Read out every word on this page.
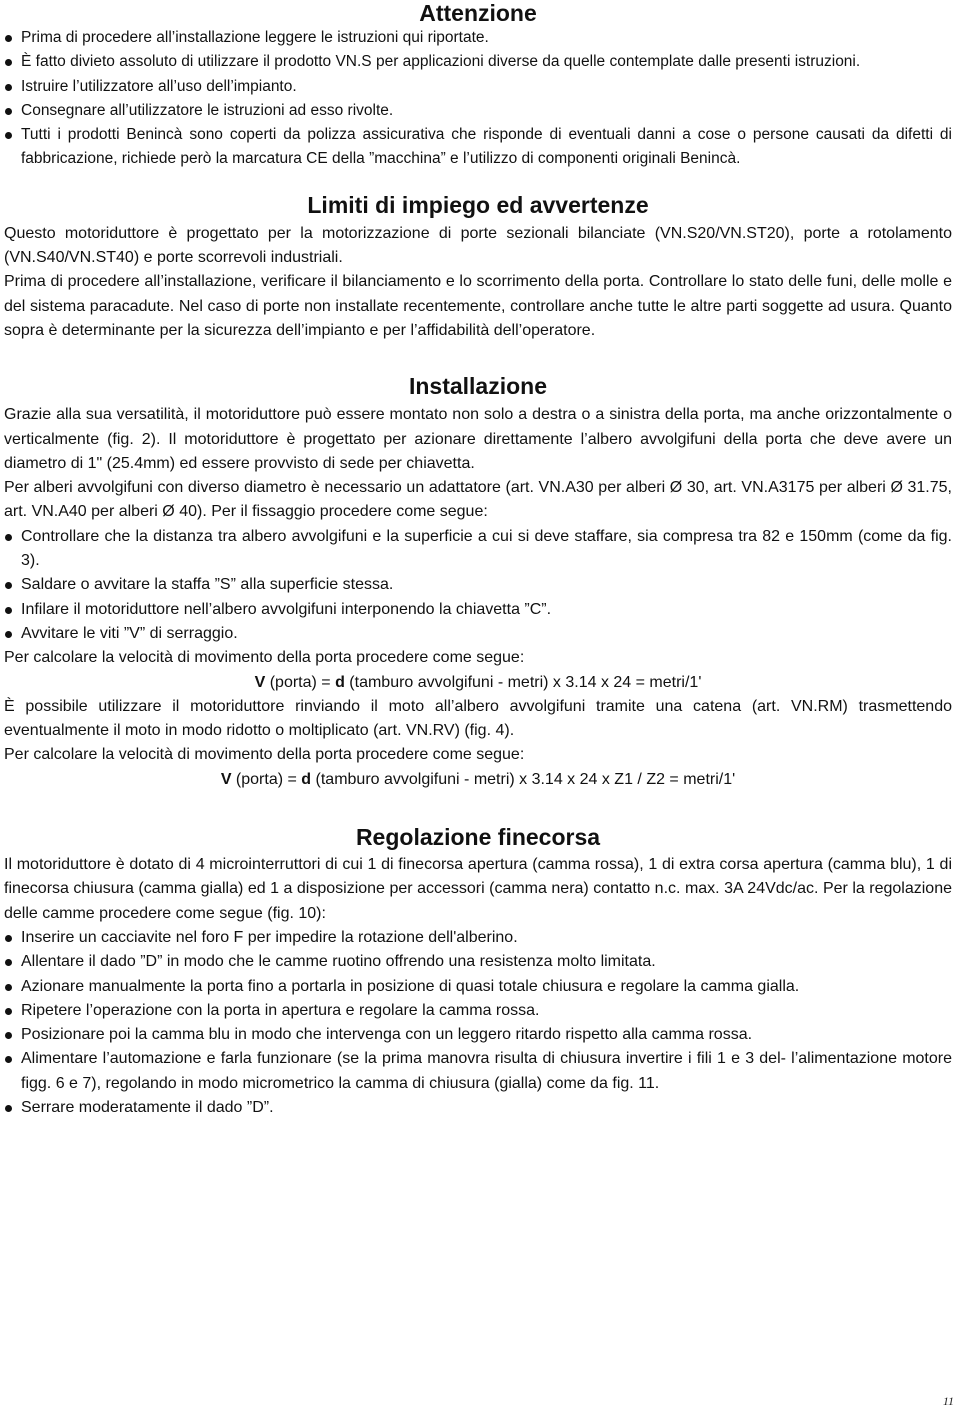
Attenzione
Prima di procedere all’installazione leggere le istruzioni qui riportate.
È fatto divieto assoluto di utilizzare il prodotto VN.S per applicazioni diverse da quelle contemplate dalle presenti istruzioni.
Istruire l’utilizzatore all’uso dell’impianto.
Consegnare all’utilizzatore le istruzioni ad esso rivolte.
Tutti i prodotti Benincà sono coperti da polizza assicurativa che risponde di eventuali danni a cose o persone causati da difetti di fabbricazione, richiede però la marcatura CE della ”macchina” e l’utilizzo di componenti originali Benincà.
Limiti di impiego ed avvertenze

Questo motoriduttore è progettato per la motorizzazione di porte sezionali bilanciate (VN.S20/VN.ST20), porte a rotolamento (VN.S40/VN.ST40) e porte scorrevoli industriali.

Prima di procedere all’installazione, verificare il bilanciamento e lo scorrimento della porta. Controllare lo stato delle funi, delle molle e del sistema paracadute. Nel caso di porte non installate recentemente, controllare anche tutte le altre parti soggette ad usura. Quanto sopra è determinante per la sicurezza dell’impianto e per l’affidabilità dell’operatore.

Installazione

Grazie alla sua versatilità, il motoriduttore può essere montato non solo a destra o a sinistra della porta, ma anche orizzontalmente o verticalmente (fig. 2). Il motoriduttore è progettato per azionare direttamente l’albero avvolgifuni della porta che deve avere un diametro di 1" (25.4mm) ed essere provvisto di sede per chiavetta.

Per alberi avvolgifuni con diverso diametro è necessario un adattatore (art. VN.A30 per alberi Ø 30, art. VN.A3175 per alberi Ø 31.75, art. VN.A40 per alberi Ø 40). Per il fissaggio procedere come segue:

Controllare che la distanza tra albero avvolgifuni e la superficie a cui si deve staffare, sia compresa tra 82 e 150mm (come da fig. 3).
Saldare o avvitare la staffa ”S” alla superficie stessa.
Infilare il motoriduttore nell’albero avvolgifuni interponendo la chiavetta ”C”.
Avvitare le viti ”V” di serraggio.

Per calcolare la velocità di movimento della porta procedere come segue:

V (porta) = d (tamburo avvolgifuni - metri) x 3.14 x 24 = metri/1'

È possibile utilizzare il motoriduttore rinviando il moto all’albero avvolgifuni tramite una catena (art. VN.RM) trasmettendo eventualmente il moto in modo ridotto o moltiplicato (art. VN.RV) (fig. 4).

Per calcolare la velocità di movimento della porta procedere come segue:

V (porta) = d (tamburo avvolgifuni - metri) x 3.14 x 24 x Z1 / Z2 = metri/1'

Regolazione finecorsa

Il motoriduttore è dotato di 4 microinterruttori di cui 1 di finecorsa apertura (camma rossa), 1 di extra corsa apertura (camma blu), 1 di finecorsa chiusura (camma gialla) ed 1 a disposizione per accessori (camma nera) contatto n.c. max. 3A 24Vdc/ac. Per la regolazione delle camme procedere come segue (fig. 10):

Inserire un cacciavite nel foro F per impedire la rotazione dell'alberino.
Allentare il dado ”D” in modo che le camme ruotino offrendo una resistenza molto limitata.
Azionare manualmente la porta fino a portarla in posizione di quasi totale chiusura e regolare la camma gialla.
Ripetere l’operazione con la porta in apertura e regolare la camma rossa.
Posizionare poi la camma blu in modo che intervenga con un leggero ritardo rispetto alla camma rossa.
Alimentare l’automazione e farla funzionare (se la prima manovra risulta di chiusura invertire i fili 1 e 3 del- l’alimentazione motore figg. 6 e 7), regolando in modo micrometrico la camma di chiusura (gialla) come da fig. 11.
Serrare moderatamente il dado ”D”.
11
